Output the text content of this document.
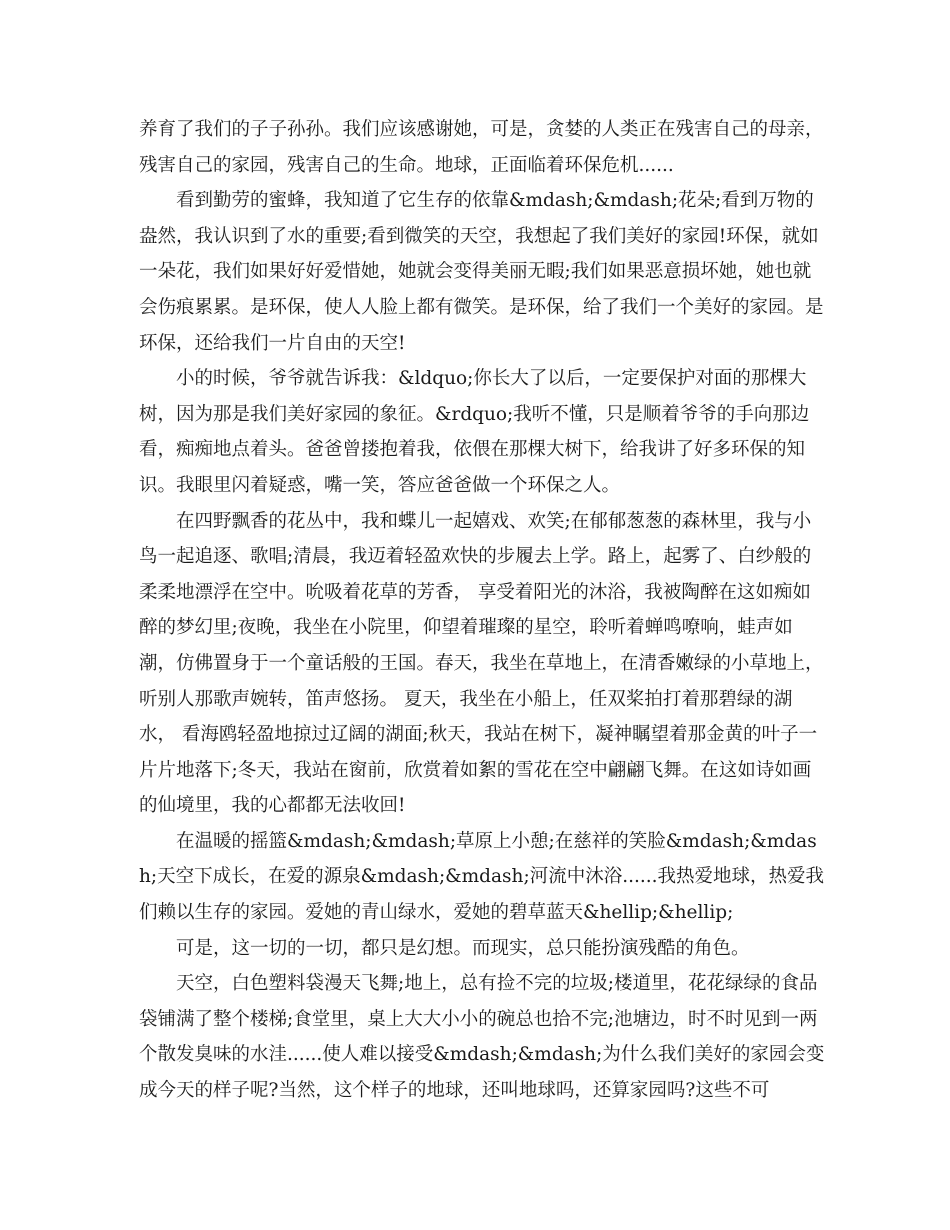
养育了我们的子子孙孙。我们应该感谢她，可是，贪婪的人类正在残害自己的母亲，残害自己的家园，残害自己的生命。地球，正面临着环保危机......

看到勤劳的蜜蜂，我知道了它生存的依靠&mdash;&mdash;花朵;看到万物的盎然，我认识到了水的重要;看到微笑的天空，我想起了我们美好的家园!环保，就如一朵花，我们如果好好爱惜她，她就会变得美丽无暇;我们如果恶意损坏她，她也就会伤痕累累。是环保，使人人脸上都有微笑。是环保，给了我们一个美好的家园。是环保，还给我们一片自由的天空!

小的时候，爷爷就告诉我：&ldquo;你长大了以后，一定要保护对面的那棵大树，因为那是我们美好家园的象征。&rdquo;我听不懂，只是顺着爷爷的手向那边看，痴痴地点着头。爸爸曾搂抱着我，依偎在那棵大树下，给我讲了好多环保的知识。我眼里闪着疑惑，嘴一笑，答应爸爸做一个环保之人。

在四野飘香的花丛中，我和蝶儿一起嬉戏、欢笑;在郁郁葱葱的森林里，我与小鸟一起追逐、歌唱;清晨，我迈着轻盈欢快的步履去上学。路上，起雾了、白纱般的柔柔地漂浮在空中。吮吸着花草的芳香， 享受着阳光的沐浴，我被陶醉在这如痴如醉的梦幻里;夜晚，我坐在小院里，仰望着璀璨的星空，聆听着蝉鸣嘹响，蛙声如潮，仿佛置身于一个童话般的王国。春天，我坐在草地上，在清香嫩绿的小草地上，听别人那歌声婉转，笛声悠扬。 夏天，我坐在小船上，任双桨拍打着那碧绿的湖水， 看海鸥轻盈地掠过辽阔的湖面;秋天，我站在树下，凝神瞩望着那金黄的叶子一片片地落下;冬天，我站在窗前，欣赏着如絮的雪花在空中翩翩飞舞。在这如诗如画的仙境里，我的心都都无法收回!

在温暖的摇篮&mdash;&mdash;草原上小憩;在慈祥的笑脸&mdash;&mdash;天空下成长，在爱的源泉&mdash;&mdash;河流中沐浴......我热爱地球，热爱我们赖以生存的家园。爱她的青山绿水，爱她的碧草蓝天&hellip;&hellip;

可是，这一切的一切，都只是幻想。而现实，总只能扮演残酷的角色。

天空，白色塑料袋漫天飞舞;地上，总有捡不完的垃圾;楼道里，花花绿绿的食品袋铺满了整个楼梯;食堂里，桌上大大小小的碗总也拾不完;池塘边，时不时见到一两个散发臭味的水洼......使人难以接受&mdash;&mdash;为什么我们美好的家园会变成今天的样子呢?当然，这个样子的地球，还叫地球吗，还算家园吗?这些不可
